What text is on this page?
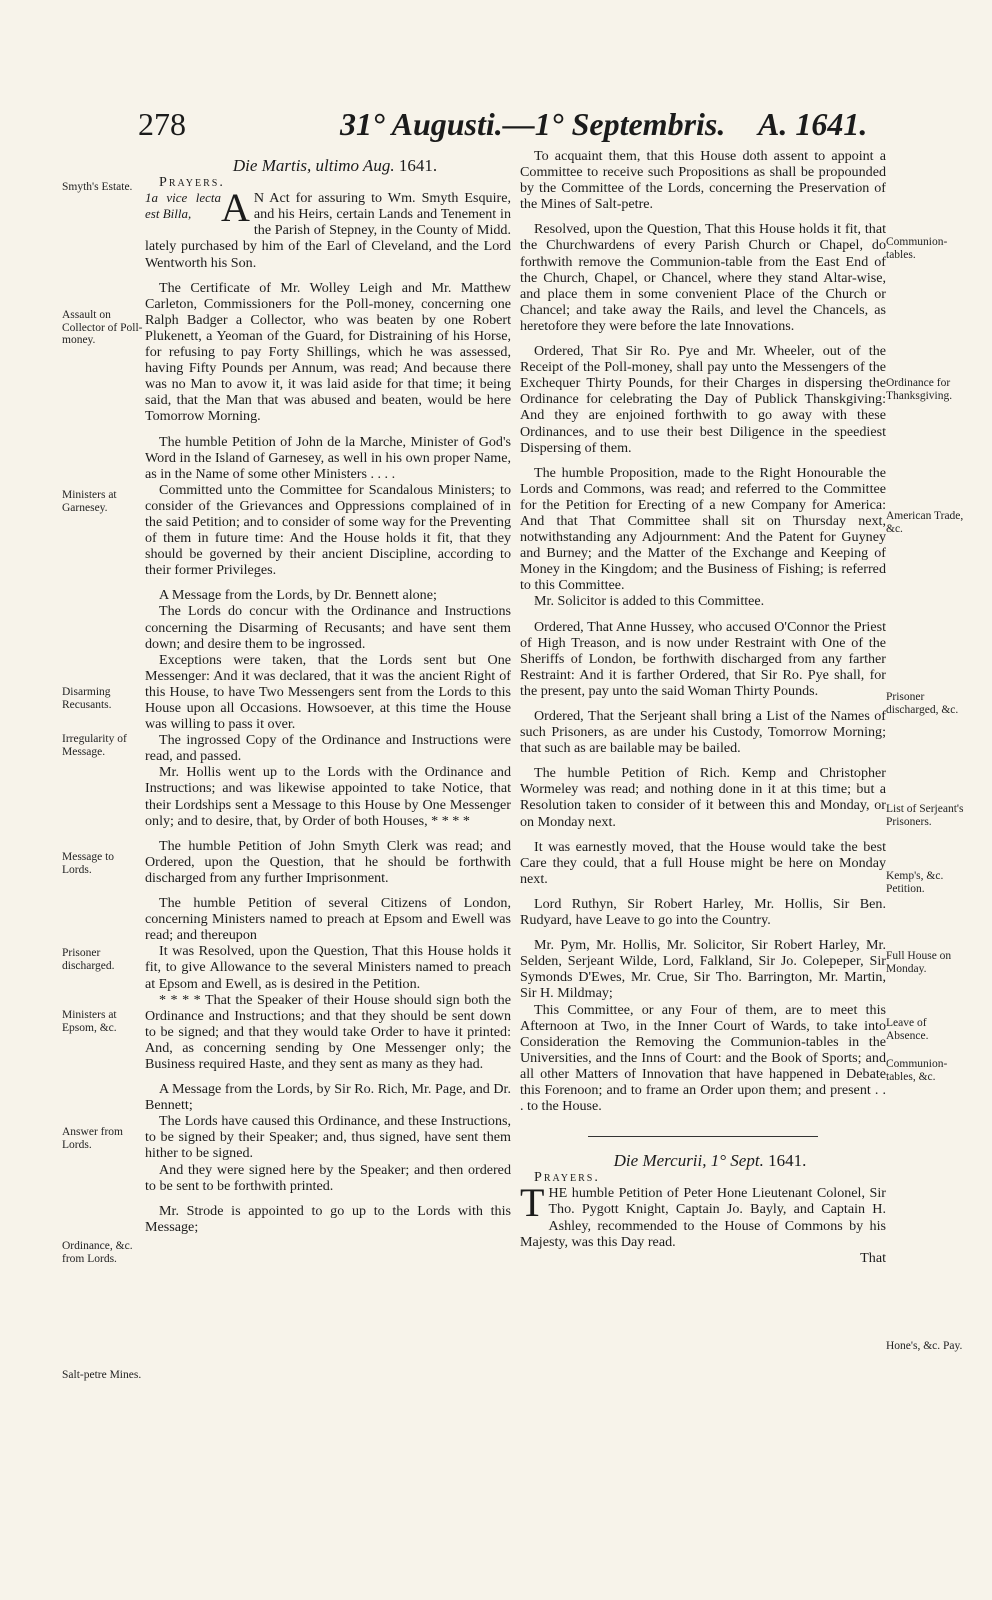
278	31° Augusti.—1° Septembris. A. 1641.

Die Martis, ultimo Aug. 1641.

Prayers.

1a vice lecta est Billa, A N Act for assuring to Wm. Smyth Esquire, and his Heirs, certain Lands and Tenement in the Parish of Stepney, in the County of Midd. lately purchased by him of the Earl of Cleveland, and the Lord Wentworth his Son.

The Certificate of Mr. Wolley Leigh and Mr. Matthew Carleton, Commissioners for the Poll-money, concerning one Ralph Badger a Collector, who was beaten by one Robert Plukenett, a Yeoman of the Guard, for Distraining of his Horse, for refusing to pay Forty Shillings, which he was assessed, having Fifty Pounds per Annum, was read; And because there was no Man to avow it, it was laid aside for that time; it being said, that the Man that was abused and beaten, would be here Tomorrow Morning.

The humble Petition of John de la Marche, Minister of God's Word in the Island of Garnesey, as well in his own proper Name, as in the Name of some other Ministers . . . .

Committed unto the Committee for Scandalous Ministers; to consider of the Grievances and Oppressions complained of in the said Petition; and to consider of some way for the Preventing of them in future time: And the House holds it fit, that they should be governed by their ancient Discipline, according to their former Privileges.

A Message from the Lords, by Dr. Bennett alone;

The Lords do concur with the Ordinance and Instructions concerning the Disarming of Recusants; and have sent them down; and desire them to be ingrossed.

Exceptions were taken, that the Lords sent but One Messenger: And it was declared, that it was the ancient Right of this House, to have Two Messengers sent from the Lords to this House upon all Occasions. Howsoever, at this time the House was willing to pass it over.

The ingrossed Copy of the Ordinance and Instructions were read, and passed.

Mr. Hollis went up to the Lords with the Ordinance and Instructions; and was likewise appointed to take Notice, that their Lordships sent a Message to this House by One Messenger only; and to desire, that, by Order of both Houses, * * * *

The humble Petition of John Smyth Clerk was read; and Ordered, upon the Question, that he should be forthwith discharged from any further Imprisonment.

The humble Petition of several Citizens of London, concerning Ministers named to preach at Epsom and Ewell was read; and thereupon

It was Resolved, upon the Question, That this House holds it fit, to give Allowance to the several Ministers named to preach at Epsom and Ewell, as is desired in the Petition.

* * * * That the Speaker of their House should sign both the Ordinance and Instructions; and that they should be sent down to be signed; and that they would take Order to have it printed: And, as concerning sending by One Messenger only; the Business required Haste, and they sent as many as they had.

A Message from the Lords, by Sir Ro. Rich, Mr. Page, and Dr. Bennett;

The Lords have caused this Ordinance, and these Instructions, to be signed by their Speaker; and, thus signed, have sent them hither to be signed.

And they were signed here by the Speaker; and then ordered to be sent to be forthwith printed.

Mr. Strode is appointed to go up to the Lords with this Message;

To acquaint them, that this House doth assent to appoint a Committee to receive such Propositions as shall be propounded by the Committee of the Lords, concerning the Preservation of the Mines of Salt-petre.

Resolved, upon the Question, That this House holds it fit, that the Churchwardens of every Parish Church or Chapel, do forthwith remove the Communion-table from the East End of the Church, Chapel, or Chancel, where they stand Altar-wise, and place them in some convenient Place of the Church or Chancel; and take away the Rails, and level the Chancels, as heretofore they were before the late Innovations.

Ordered, That Sir Ro. Pye and Mr. Wheeler, out of the Receipt of the Poll-money, shall pay unto the Messengers of the Exchequer Thirty Pounds, for their Charges in dispersing the Ordinance for celebrating the Day of Publick Thanskgiving: And they are enjoined forthwith to go away with these Ordinances, and to use their best Diligence in the speediest Dispersing of them.

The humble Proposition, made to the Right Honourable the Lords and Commons, was read; and referred to the Committee for the Petition for Erecting of a new Company for America: And that That Committee shall sit on Thursday next, notwithstanding any Adjournment: And the Patent for Guyney and Burney; and the Matter of the Exchange and Keeping of Money in the Kingdom; and the Business of Fishing; is referred to this Committee.

Mr. Solicitor is added to this Committee.

Ordered, That Anne Hussey, who accused O'Connor the Priest of High Treason, and is now under Restraint with One of the Sheriffs of London, be forthwith discharged from any farther Restraint: And it is farther Ordered, that Sir Ro. Pye shall, for the present, pay unto the said Woman Thirty Pounds.

Ordered, That the Serjeant shall bring a List of the Names of such Prisoners, as are under his Custody, Tomorrow Morning; that such as are bailable may be bailed.

The humble Petition of Rich. Kemp and Christopher Wormeley was read; and nothing done in it at this time; but a Resolution taken to consider of it between this and Monday, or on Monday next.

It was earnestly moved, that the House would take the best Care they could, that a full House might be here on Monday next.

Lord Ruthyn, Sir Robert Harley, Mr. Hollis, Sir Ben. Rudyard, have Leave to go into the Country.

Mr. Pym, Mr. Hollis, Mr. Solicitor, Sir Robert Harley, Mr. Selden, Serjeant Wilde, Lord, Falkland, Sir Jo. Colepeper, Sir Symonds D'Ewes, Mr. Crue, Sir Tho. Barrington, Mr. Martin, Sir H. Mildmay;

This Committee, or any Four of them, are to meet this Afternoon at Two, in the Inner Court of Wards, to take into Consideration the Removing the Communion-tables in the Universities, and the Inns of Court: and the Book of Sports; and all other Matters of Innovation that have happened in Debate this Forenoon; and to frame an Order upon them; and present . . . to the House.

Die Mercurii, 1° Sept. 1641.

Prayers.

T HE humble Petition of Peter Hone Lieutenant Colonel, Sir Tho. Pygott Knight, Captain Jo. Bayly, and Captain H. Ashley, recommended to the House of Commons by his Majesty, was this Day read.

That

Smyth's Estate.
Assault on Collector of Poll-money.
Ministers at Garnesey.
Disarming Recusants.
Irregularity of Message.
Message to Lords.
Prisoner discharged.
Ministers at Epsom, &c.
Answer from Lords.
Ordinance, &c. from Lords.
Salt-petre Mines.
Communion-tables.
Ordinance for Thanksgiving.
American Trade, &c.
Prisoner discharged, &c.
List of Serjeant's Prisoners.
Kemp's, &c. Petition.
Full House on Monday.
Leave of Absence.
Communion-tables, &c.
Hone's, &c. Pay.
